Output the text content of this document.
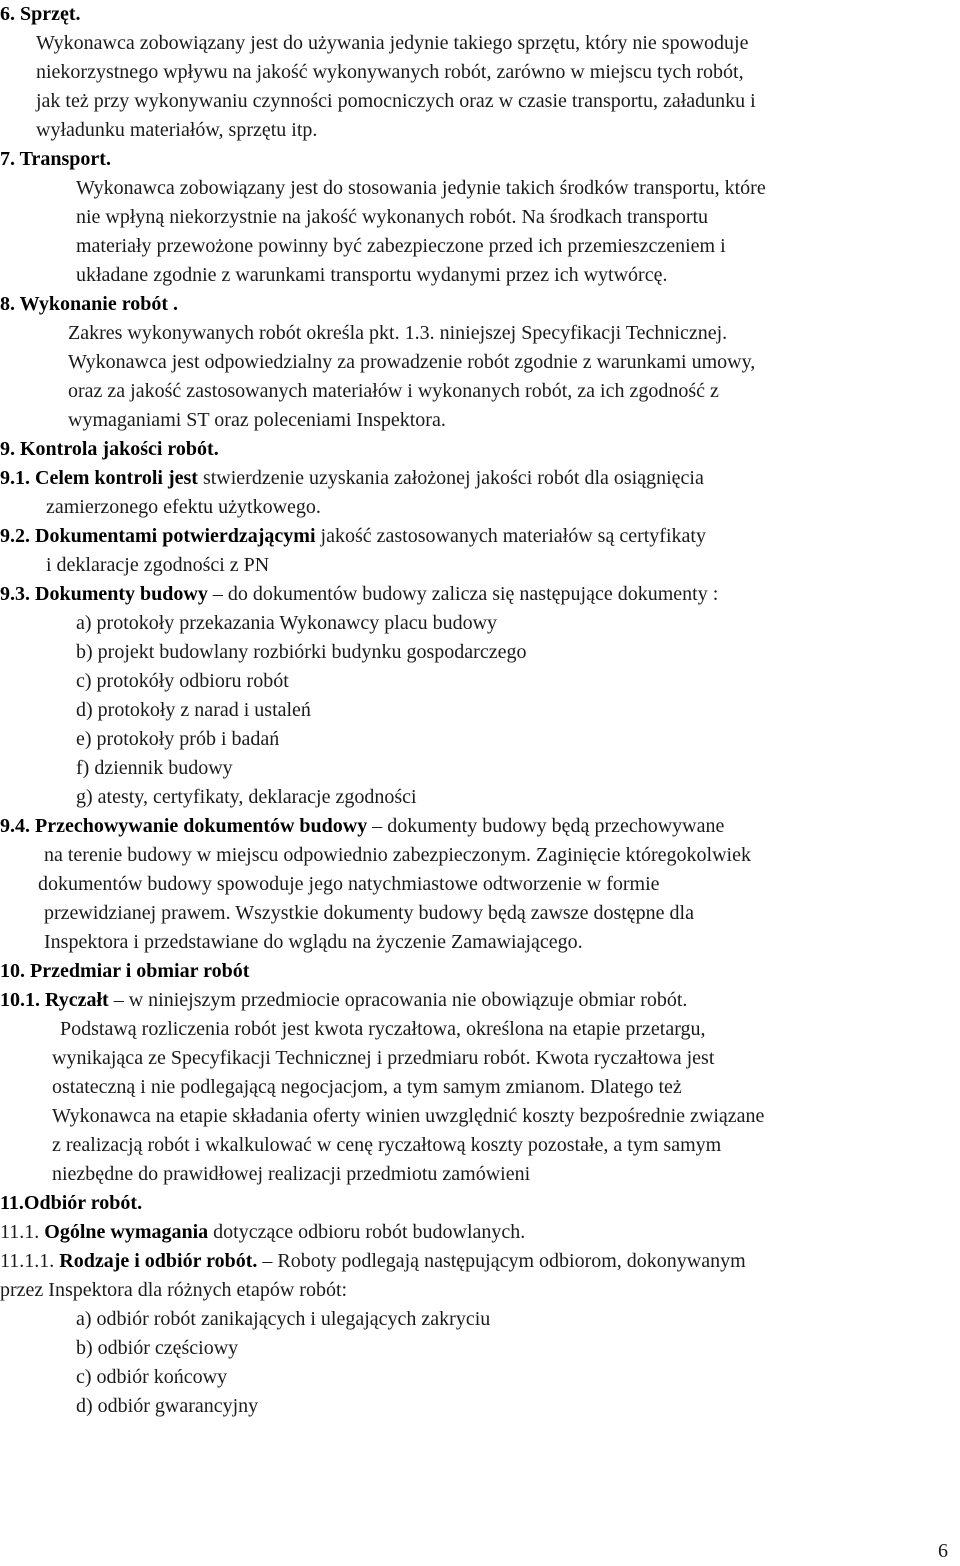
6. Sprzęt.
Wykonawca zobowiązany jest do używania jedynie takiego sprzętu, który nie spowoduje
niekorzystnego wpływu na jakość wykonywanych robót, zarówno w miejscu tych robót,
jak też przy wykonywaniu czynności pomocniczych oraz w czasie transportu, załadunku i
wyładunku materiałów, sprzętu itp.
7. Transport.
Wykonawca zobowiązany jest do stosowania jedynie takich środków transportu, które
nie wpłyną niekorzystnie na jakość wykonanych robót. Na środkach transportu
materiały przewożone powinny być zabezpieczone przed ich przemieszczeniem i
układane zgodnie z warunkami transportu wydanymi przez ich wytwórcę.
8. Wykonanie robót .
Zakres wykonywanych robót określa pkt. 1.3. niniejszej Specyfikacji Technicznej.
Wykonawca jest odpowiedzialny za prowadzenie robót zgodnie z warunkami umowy,
oraz za jakość zastosowanych materiałów i wykonanych robót, za ich zgodność z
wymaganiami ST oraz poleceniami Inspektora.
9. Kontrola jakości robót.
9.1. Celem kontroli jest stwierdzenie uzyskania założonej jakości robót dla osiągnięcia
zamierzonego efektu użytkowego.
9.2. Dokumentami potwierdzającymi jakość zastosowanych materiałów są certyfikaty
i deklaracje zgodności z PN
9.3. Dokumenty budowy – do dokumentów budowy zalicza się następujące dokumenty :
a) protokoły przekazania Wykonawcy placu budowy
b) projekt budowlany rozbiórki budynku gospodarczego
c) protokóły odbioru robót
d) protokoły z narad i ustaleń
e) protokoły prób i badań
f) dziennik budowy
g) atesty, certyfikaty, deklaracje zgodności
9.4. Przechowywanie dokumentów budowy – dokumenty budowy będą przechowywane
na terenie budowy w miejscu odpowiednio zabezpieczonym. Zaginięcie któregokolwiek
dokumentów budowy spowoduje jego natychmiastowe odtworzenie w formie
przewidzianej prawem. Wszystkie dokumenty budowy będą zawsze dostępne dla
Inspektora i przedstawiane do wglądu na życzenie Zamawiającego.
10. Przedmiar i obmiar robót
10.1. Ryczałt – w niniejszym przedmiocie opracowania nie obowiązuje obmiar robót.
Podstawą rozliczenia robót jest kwota ryczałtowa, określona na etapie przetargu,
wynikająca ze Specyfikacji Technicznej i przedmiaru robót. Kwota ryczałtowa jest
ostateczną i nie podlegającą negocjacjom, a tym samym zmianom. Dlatego też
Wykonawca na etapie składania oferty winien uwzględnić koszty bezpośrednie związane
z realizacją robót i wkalkulować w cenę ryczałtową koszty pozostałe, a tym samym
niezbędne do prawidłowej realizacji przedmiotu zamówieni
11.Odbiór robót.
11.1. Ogólne wymagania dotyczące odbioru robót budowlanych.
11.1.1. Rodzaje i odbiór robót. – Roboty podlegają następującym odbiorom, dokonywanym
przez Inspektora dla różnych etapów robót:
a) odbiór robót zanikających i ulegających zakryciu
b) odbiór częściowy
c) odbiór końcowy
d) odbiór gwarancyjny
6
